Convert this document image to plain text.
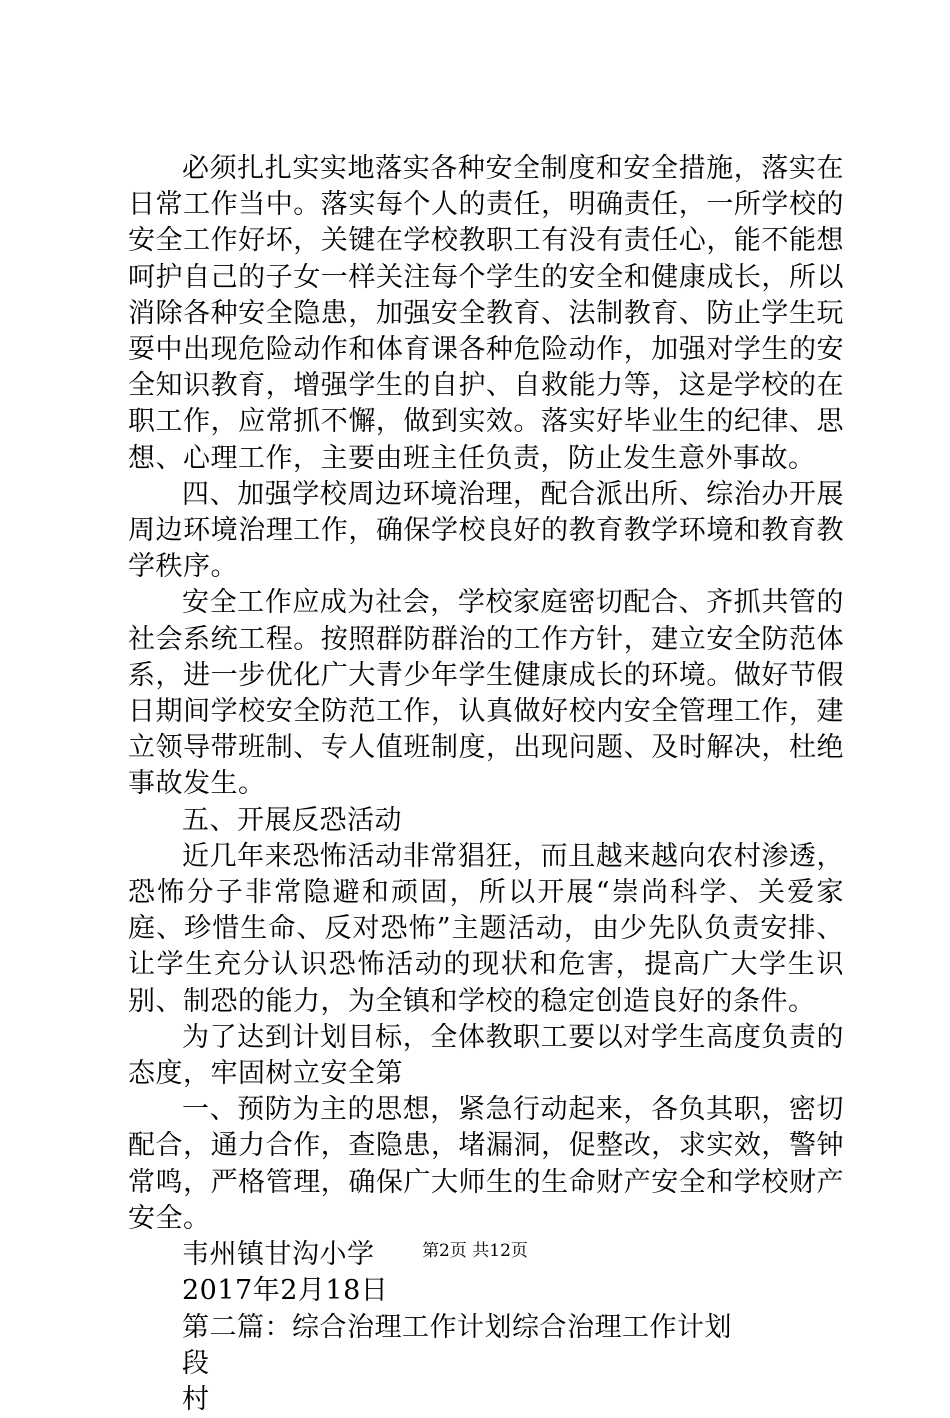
必须扎扎实实地落实各种安全制度和安全措施，落实在日常工作当中。落实每个人的责任，明确责任，一所学校的安全工作好坏，关键在学校教职工有没有责任心，能不能想呵护自己的子女一样关注每个学生的安全和健康成长，所以消除各种安全隐患，加强安全教育、法制教育、防止学生玩耍中出现危险动作和体育课各种危险动作，加强对学生的安全知识教育，增强学生的自护、自救能力等，这是学校的在职工作，应常抓不懈，做到实效。落实好毕业生的纪律、思想、心理工作，主要由班主任负责，防止发生意外事故。

四、加强学校周边环境治理，配合派出所、综治办开展周边环境治理工作，确保学校良好的教育教学环境和教育教学秩序。

安全工作应成为社会，学校家庭密切配合、齐抓共管的社会系统工程。按照群防群治的工作方针，建立安全防范体系，进一步优化广大青少年学生健康成长的环境。做好节假日期间学校安全防范工作，认真做好校内安全管理工作，建立领导带班制、专人值班制度，出现问题、及时解决，杜绝事故发生。

五、开展反恐活动

近几年来恐怖活动非常猖狂，而且越来越向农村渗透，恐怖分子非常隐避和顽固，所以开展“崇尚科学、关爱家庭、珍惜生命、反对恐怖”主题活动，由少先队负责安排、让学生充分认识恐怖活动的现状和危害，提高广大学生识别、制恐的能力，为全镇和学校的稳定创造良好的条件。

为了达到计划目标，全体教职工要以对学生高度负责的态度，牢固树立安全第

一、预防为主的思想，紧急行动起来，各负其职，密切配合，通力合作，查隐患，堵漏洞，促整改，求实效，警钟常鸣，严格管理，确保广大师生的生命财产安全和学校财产安全。

韦州镇甘沟小学

2017年2月18日

第二篇：综合治理工作计划综合治理工作计划

段

村

第2页 共12页
